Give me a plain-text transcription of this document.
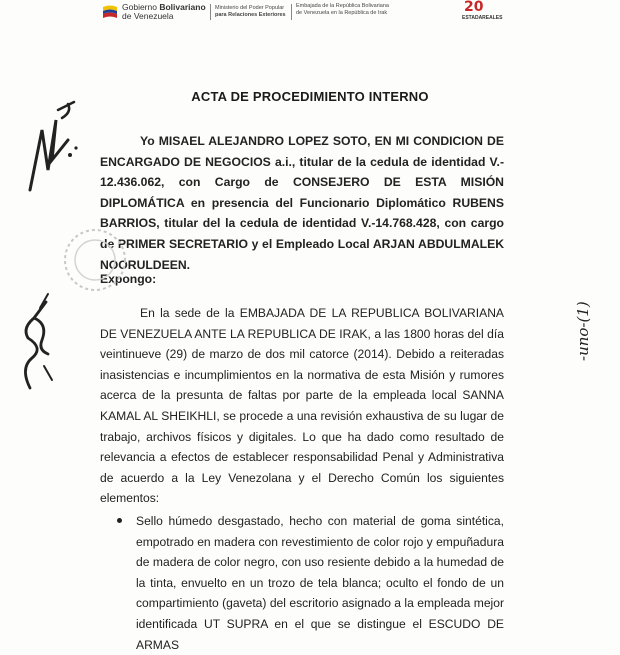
Gobierno Bolivariano
de Venezuela
Ministerio del Poder Popular
para Relaciones Exteriores
Embajada de la República Bolivariana
de Venezuela en la República de Irak	20
ESTADAREALES
ACTA DE PROCEDIMIENTO INTERNO
Yo MISAEL ALEJANDRO LOPEZ SOTO, EN MI CONDICION DE ENCARGADO DE NEGOCIOS a.i., titular de la cedula de identidad V.- 12.436.062, con Cargo de CONSEJERO DE ESTA MISIÓN DIPLOMÁTICA en presencia del Funcionario Diplomático RUBENS BARRIOS, titular del la cedula de identidad V.-14.768.428, con cargo de PRIMER SECRETARIO y el Empleado Local ARJAN ABDULMALEK NOORULDEEN.
Expongo:
En la sede de la EMBAJADA DE LA REPUBLICA BOLIVARIANA DE VENEZUELA ANTE LA REPUBLICA DE IRAK, a las 1800 horas del día veintinueve (29) de marzo de dos mil catorce (2014). Debido a reiteradas inasistencias e incumplimientos en la normativa de esta Misión y rumores acerca de la presunta de faltas por parte de la empleada local SANNA KAMAL AL SHEIKHLI, se procede a una revisión exhaustiva de su lugar de trabajo, archivos físicos y digitales. Lo que ha dado como resultado de relevancia a efectos de establecer responsabilidad Penal y Administrativa de acuerdo a la Ley Venezolana y el Derecho Común los siguientes elementos:
Sello húmedo desgastado, hecho con material de goma sintética, empotrado en madera con revestimiento de color rojo y empuñadura de madera de color negro, con uso resiente debido a la humedad de la tinta, envuelto en un trozo de tela blanca; oculto el fondo de un compartimiento (gaveta) del escritorio asignado a la empleada mejor identificada UT SUPRA en el que se distingue el ESCUDO DE ARMAS
-uno-(1)
